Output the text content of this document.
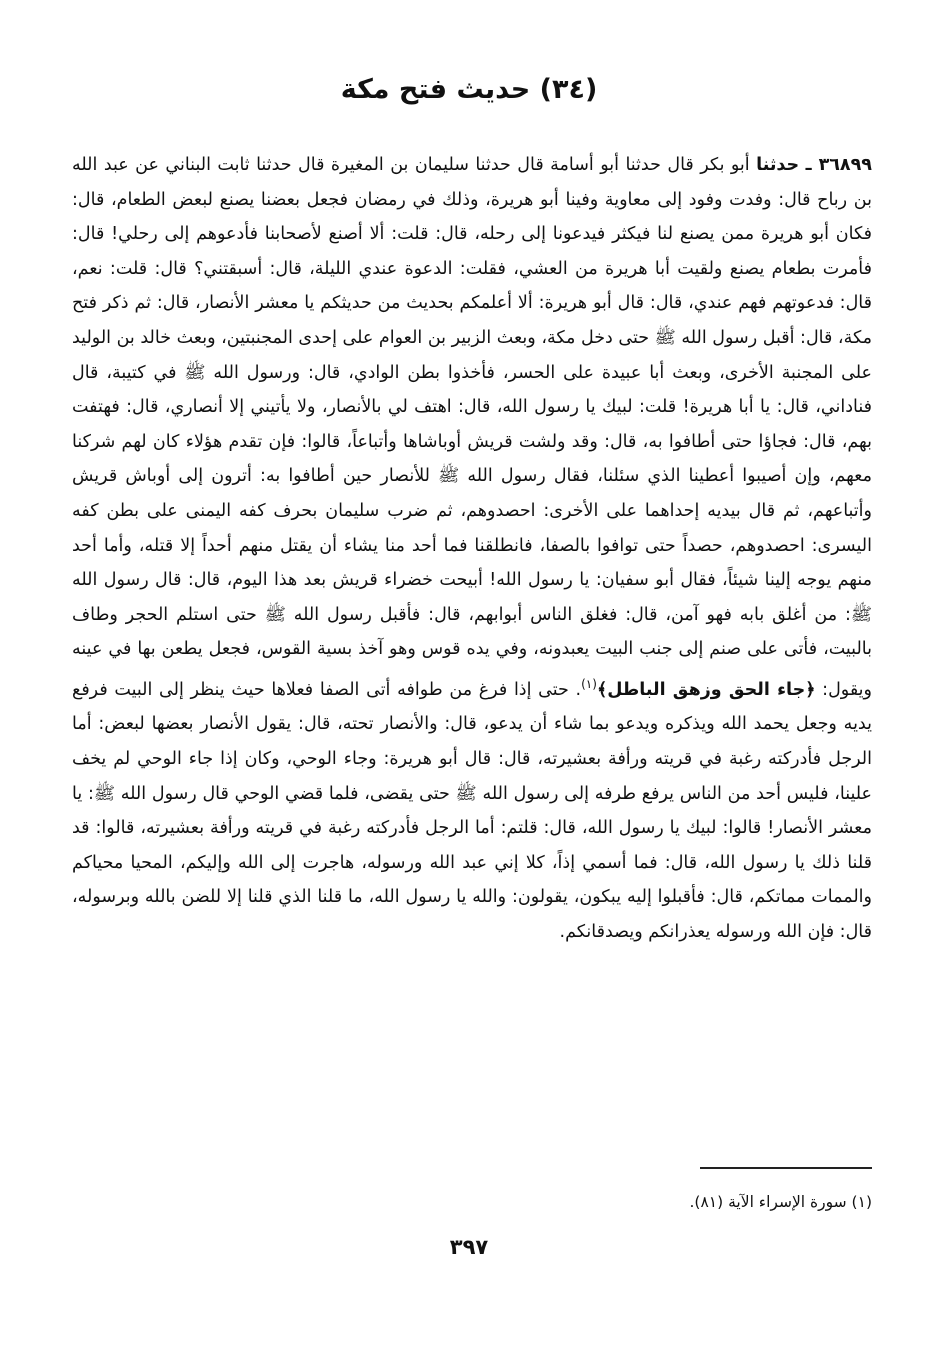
(٣٤) حديث فتح مكة

٣٦٨٩٩ ـ حدثنا أبو بكر قال حدثنا أبو أسامة قال حدثنا سليمان بن المغيرة قال حدثنا ثابت البناني عن عبد الله بن رباح قال: وفدت وفود إلى معاوية وفينا أبو هريرة، وذلك في رمضان فجعل بعضنا يصنع لبعض الطعام، قال: فكان أبو هريرة ممن يصنع لنا فيكثر فيدعونا إلى رحله، قال: قلت: ألا أصنع لأصحابنا فأدعوهم إلى رحلي! قال: فأمرت بطعام يصنع ولقيت أبا هريرة من العشي، فقلت: الدعوة عندي الليلة، قال: أسبقتني؟ قال: قلت: نعم، قال: فدعوتهم فهم عندي، قال: قال أبو هريرة: ألا أعلمكم بحديث من حديثكم يا معشر الأنصار، قال: ثم ذكر فتح مكة، قال: أقبل رسول الله ﷺ حتى دخل مكة، وبعث الزبير بن العوام على إحدى المجنبتين، وبعث خالد بن الوليد على المجنبة الأخرى، وبعث أبا عبيدة على الحسر، فأخذوا بطن الوادي، قال: ورسول الله ﷺ في كتيبة، قال فناداني، قال: يا أبا هريرة! قلت: لبيك يا رسول الله، قال: اهتف لي بالأنصار، ولا يأتيني إلا أنصاري، قال: فهتفت بهم، قال: فجاؤا حتى أطافوا به، قال: وقد ولشت قريش أوباشاها وأتباعاً، قالوا: فإن تقدم هؤلاء كان لهم شركنا معهم، وإن أصيبوا أعطينا الذي سئلنا، فقال رسول الله ﷺ للأنصار حين أطافوا به: أترون إلى أوباش قريش وأتباعهم، ثم قال بيديه إحداهما على الأخرى: احصدوهم، ثم ضرب سليمان بحرف كفه اليمنى على بطن كفه اليسرى: احصدوهم، حصداً حتى توافوا بالصفا، فانطلقنا فما أحد منا يشاء أن يقتل منهم أحداً إلا قتله، وأما أحد منهم يوجه إلينا شيئاً، فقال أبو سفيان: يا رسول الله! أبيحت خضراء قريش بعد هذا اليوم، قال: قال رسول الله ﷺ: من أغلق بابه فهو آمن، قال: فغلق الناس أبوابهم، قال: فأقبل رسول الله ﷺ حتى استلم الحجر وطاف بالبيت، فأتى على صنم إلى جنب البيت يعبدونه، وفي يده قوس وهو آخذ بسية القوس، فجعل يطعن بها في عينه ويقول: ﴿جاء الحق وزهق الباطل﴾$^{(١)}$. حتى إذا فرغ من طوافه أتى الصفا فعلاها حيث ينظر إلى البيت فرفع يديه وجعل يحمد الله ويذكره ويدعو بما شاء أن يدعو، قال: والأنصار تحته، قال: يقول الأنصار بعضها لبعض: أما الرجل فأدركته رغبة في قريته ورأفة بعشيرته، قال: قال أبو هريرة: وجاء الوحي، وكان إذا جاء الوحي لم يخف علينا، فليس أحد من الناس يرفع طرفه إلى رسول الله ﷺ حتى يقضى، فلما قضي الوحي قال رسول الله ﷺ: يا معشر الأنصار! قالوا: لبيك يا رسول الله، قال: قلتم: أما الرجل فأدركته رغبة في قريته ورأفة بعشيرته، قالوا: قد قلنا ذلك يا رسول الله، قال: فما أسمي إذاً، كلا إني عبد الله ورسوله، هاجرت إلى الله وإليكم، المحيا محياكم والممات مماتكم، قال: فأقبلوا إليه يبكون، يقولون: والله يا رسول الله، ما قلنا الذي قلنا إلا للضن بالله وبرسوله، قال: فإن الله ورسوله يعذرانكم ويصدقانكم.

(١) سورة الإسراء الآية (٨١).
٣٩٧
